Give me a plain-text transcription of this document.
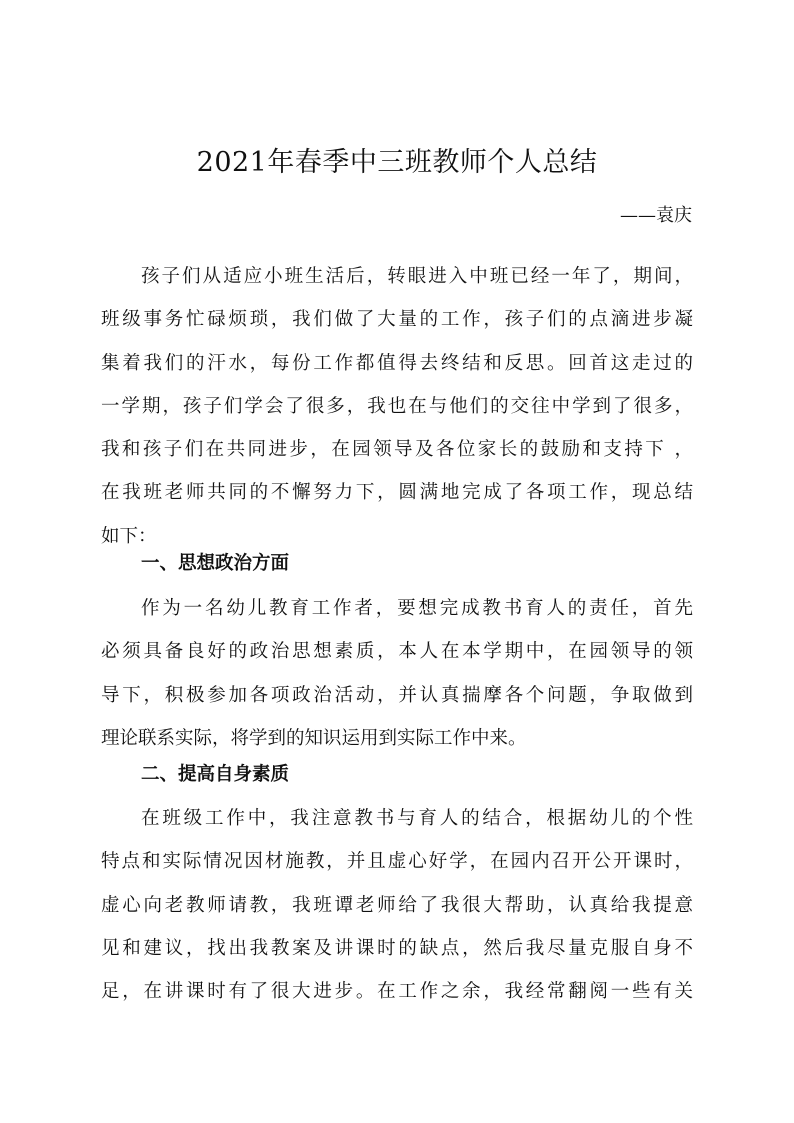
2021年春季中三班教师个人总结
——袁庆
孩子们从适应小班生活后，转眼进入中班已经一年了，期间，
班级事务忙碌烦琐，我们做了大量的工作，孩子们的点滴进步凝
集着我们的汗水，每份工作都值得去终结和反思。回首这走过的
一学期，孩子们学会了很多，我也在与他们的交往中学到了很多，
我和孩子们在共同进步，在园领导及各位家长的鼓励和支持下 ，
在我班老师共同的不懈努力下，圆满地完成了各项工作，现总结
如下：
一、思想政治方面
作为一名幼儿教育工作者，要想完成教书育人的责任，首先
必须具备良好的政治思想素质，本人在本学期中，在园领导的领
导下，积极参加各项政治活动，并认真揣摩各个问题，争取做到
理论联系实际，将学到的知识运用到实际工作中来。
二、提高自身素质
在班级工作中，我注意教书与育人的结合，根据幼儿的个性
特点和实际情况因材施教，并且虚心好学，在园内召开公开课时，
虚心向老教师请教，我班谭老师给了我很大帮助，认真给我提意
见和建议，找出我教案及讲课时的缺点，然后我尽量克服自身不
足，在讲课时有了很大进步。在工作之余，我经常翻阅一些有关
